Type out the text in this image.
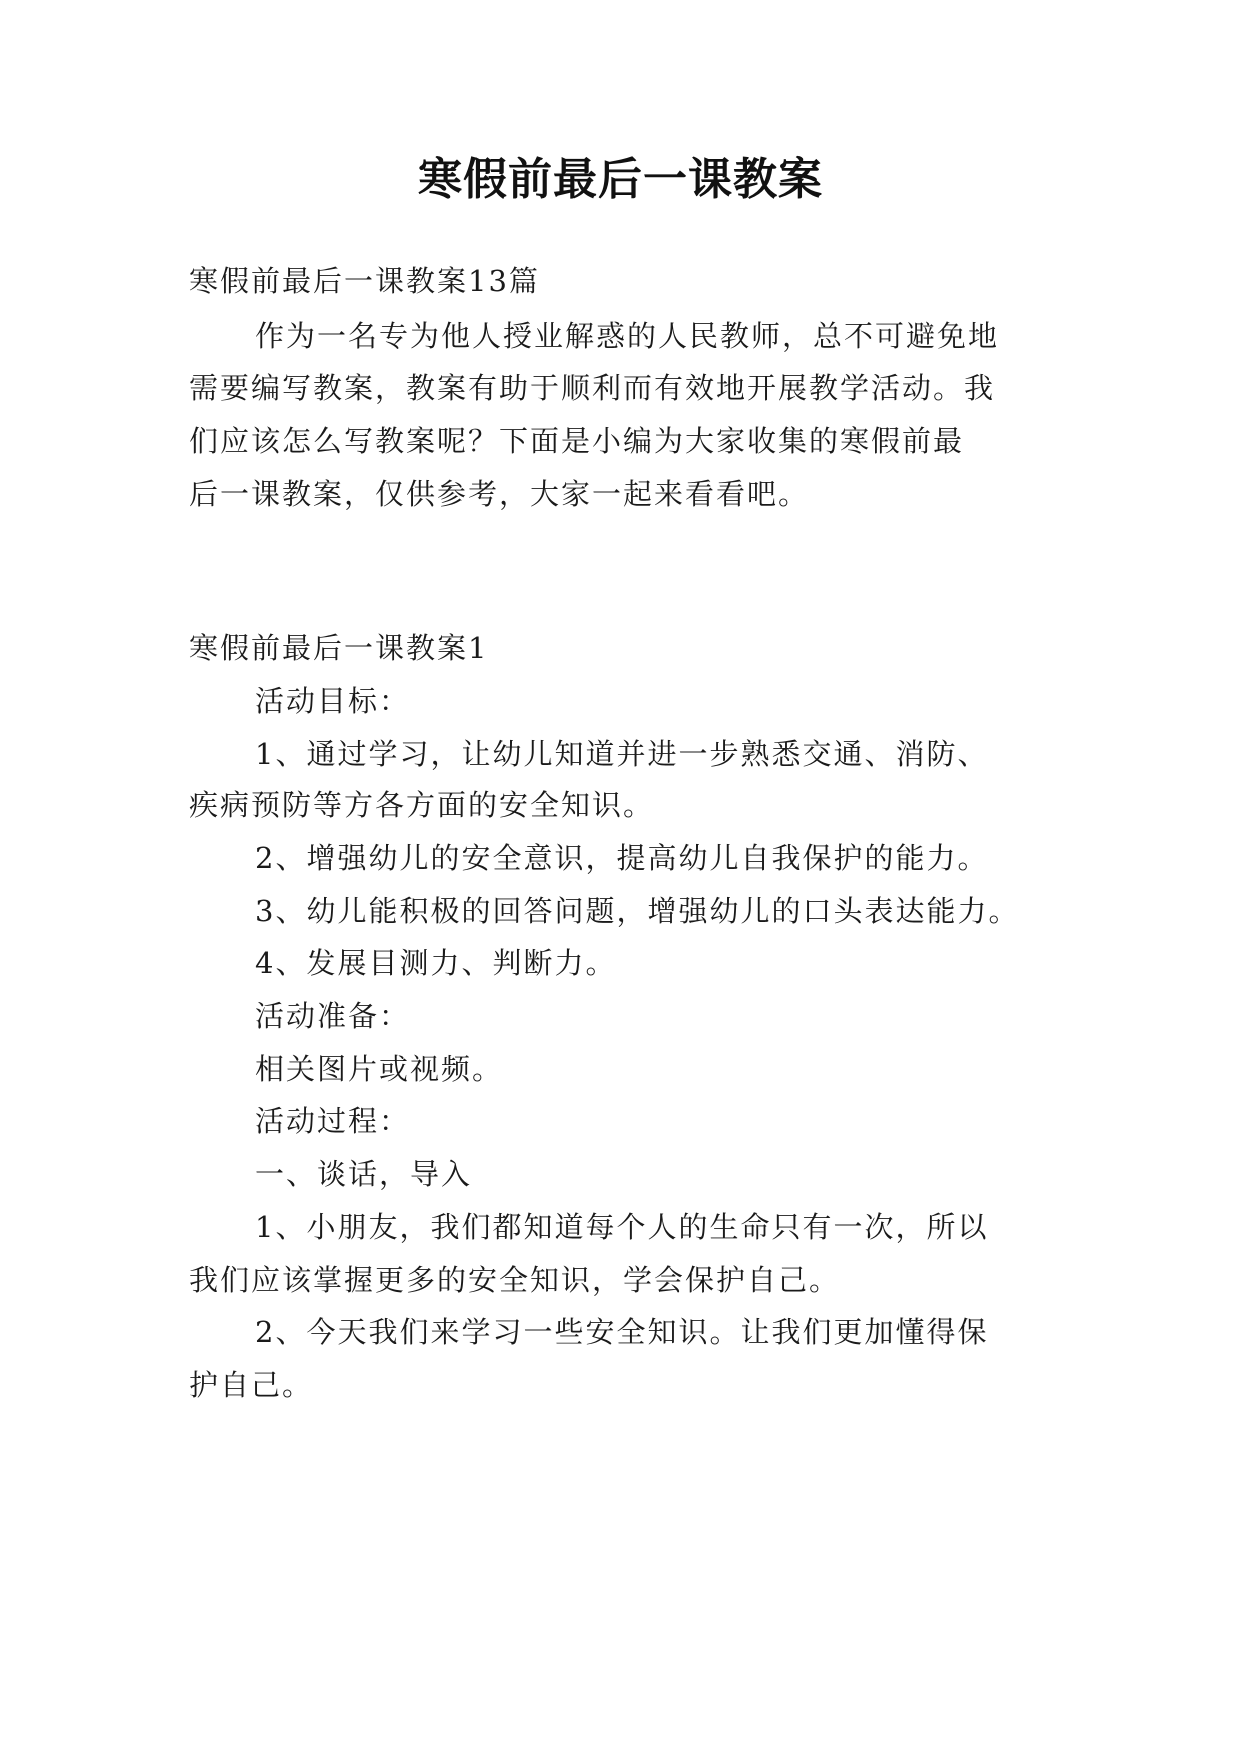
寒假前最后一课教案
寒假前最后一课教案13篇
作为一名专为他人授业解惑的人民教师，总不可避免地
需要编写教案，教案有助于顺利而有效地开展教学活动。我
们应该怎么写教案呢？下面是小编为大家收集的寒假前最
后一课教案，仅供参考，大家一起来看看吧。
寒假前最后一课教案1
活动目标：
1、通过学习，让幼儿知道并进一步熟悉交通、消防、
疾病预防等方各方面的安全知识。
2、增强幼儿的安全意识，提高幼儿自我保护的能力。
3、幼儿能积极的回答问题，增强幼儿的口头表达能力。
4、发展目测力、判断力。
活动准备：
相关图片或视频。
活动过程：
一、谈话，导入
1、小朋友，我们都知道每个人的生命只有一次，所以
我们应该掌握更多的安全知识，学会保护自己。
2、今天我们来学习一些安全知识。让我们更加懂得保
护自己。
